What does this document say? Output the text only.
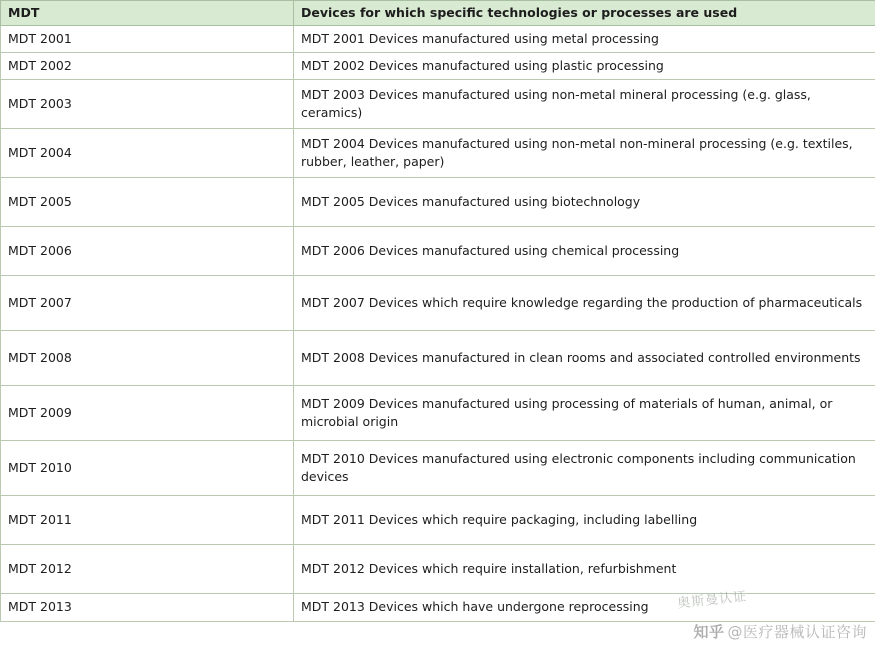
MDT	Devices for which specific technologies or processes are used
MDT 2001	MDT 2001 Devices manufactured using metal processing
MDT 2002	MDT 2002 Devices manufactured using plastic processing
MDT 2003	MDT 2003 Devices manufactured using non-metal mineral processing (e.g. glass, ceramics)
MDT 2004	MDT 2004 Devices manufactured using non-metal non-mineral processing (e.g. textiles, rubber, leather, paper)
MDT 2005	MDT 2005 Devices manufactured using biotechnology
MDT 2006	MDT 2006 Devices manufactured using chemical processing
MDT 2007	MDT 2007 Devices which require knowledge regarding the production of pharmaceuticals
MDT 2008	MDT 2008 Devices manufactured in clean rooms and associated controlled environments
MDT 2009	MDT 2009 Devices manufactured using processing of materials of human, animal, or microbial origin
MDT 2010	MDT 2010 Devices manufactured using electronic components including communication devices
MDT 2011	MDT 2011 Devices which require packaging, including labelling
MDT 2012	MDT 2012 Devices which require installation, refurbishment
MDT 2013	MDT 2013 Devices which have undergone reprocessing 奥斯曼认证
知乎 @医疗器械认证咨询
